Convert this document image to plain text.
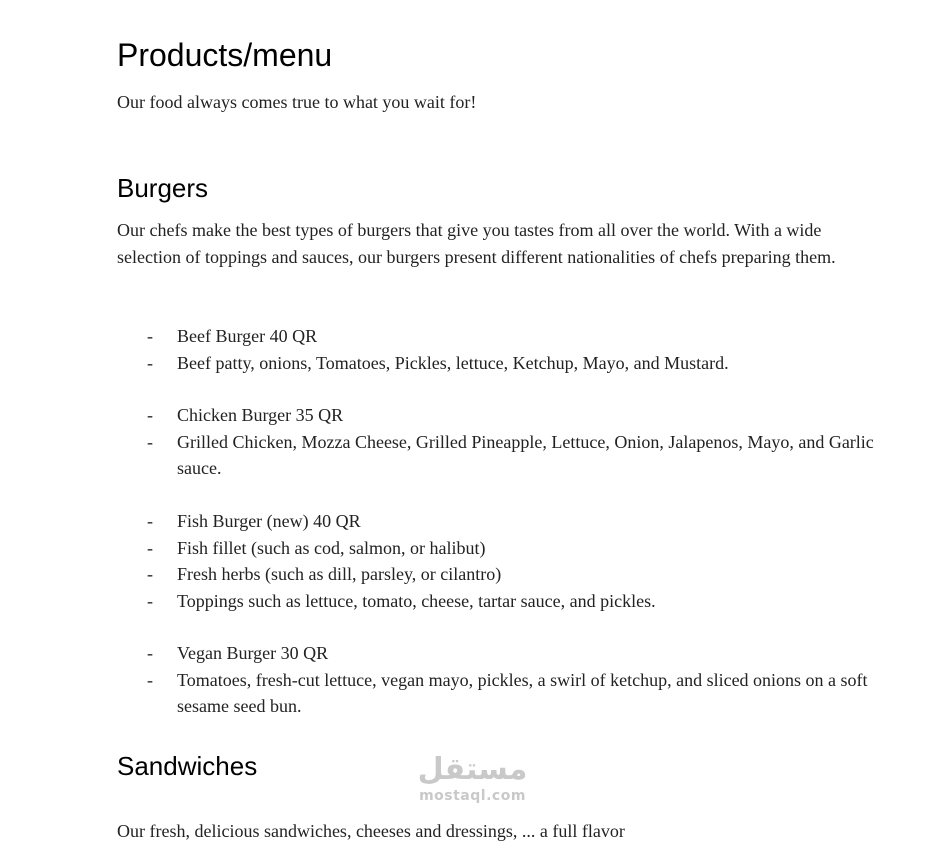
Products/menu

Our food always comes true to what you wait for!

Burgers

Our chefs make the best types of burgers that give you tastes from all over the world. With a wide selection of toppings and sauces, our burgers present different nationalities of chefs preparing them.

- Beef Burger 40 QR
- Beef patty, onions, Tomatoes, Pickles, lettuce, Ketchup, Mayo, and Mustard.
- Chicken Burger 35 QR
- Grilled Chicken, Mozza Cheese, Grilled Pineapple, Lettuce, Onion, Jalapenos, Mayo, and Garlic sauce.
- Fish Burger (new) 40 QR
- Fish fillet (such as cod, salmon, or halibut)
- Fresh herbs (such as dill, parsley, or cilantro)
- Toppings such as lettuce, tomato, cheese, tartar sauce, and pickles.
- Vegan Burger 30 QR
- Tomatoes, fresh-cut lettuce, vegan mayo, pickles, a swirl of ketchup, and sliced onions on a soft sesame seed bun.
Sandwiches
Our fresh, delicious sandwiches, cheeses and dressings, ... a full flavor
مستقل
mostaql.com
